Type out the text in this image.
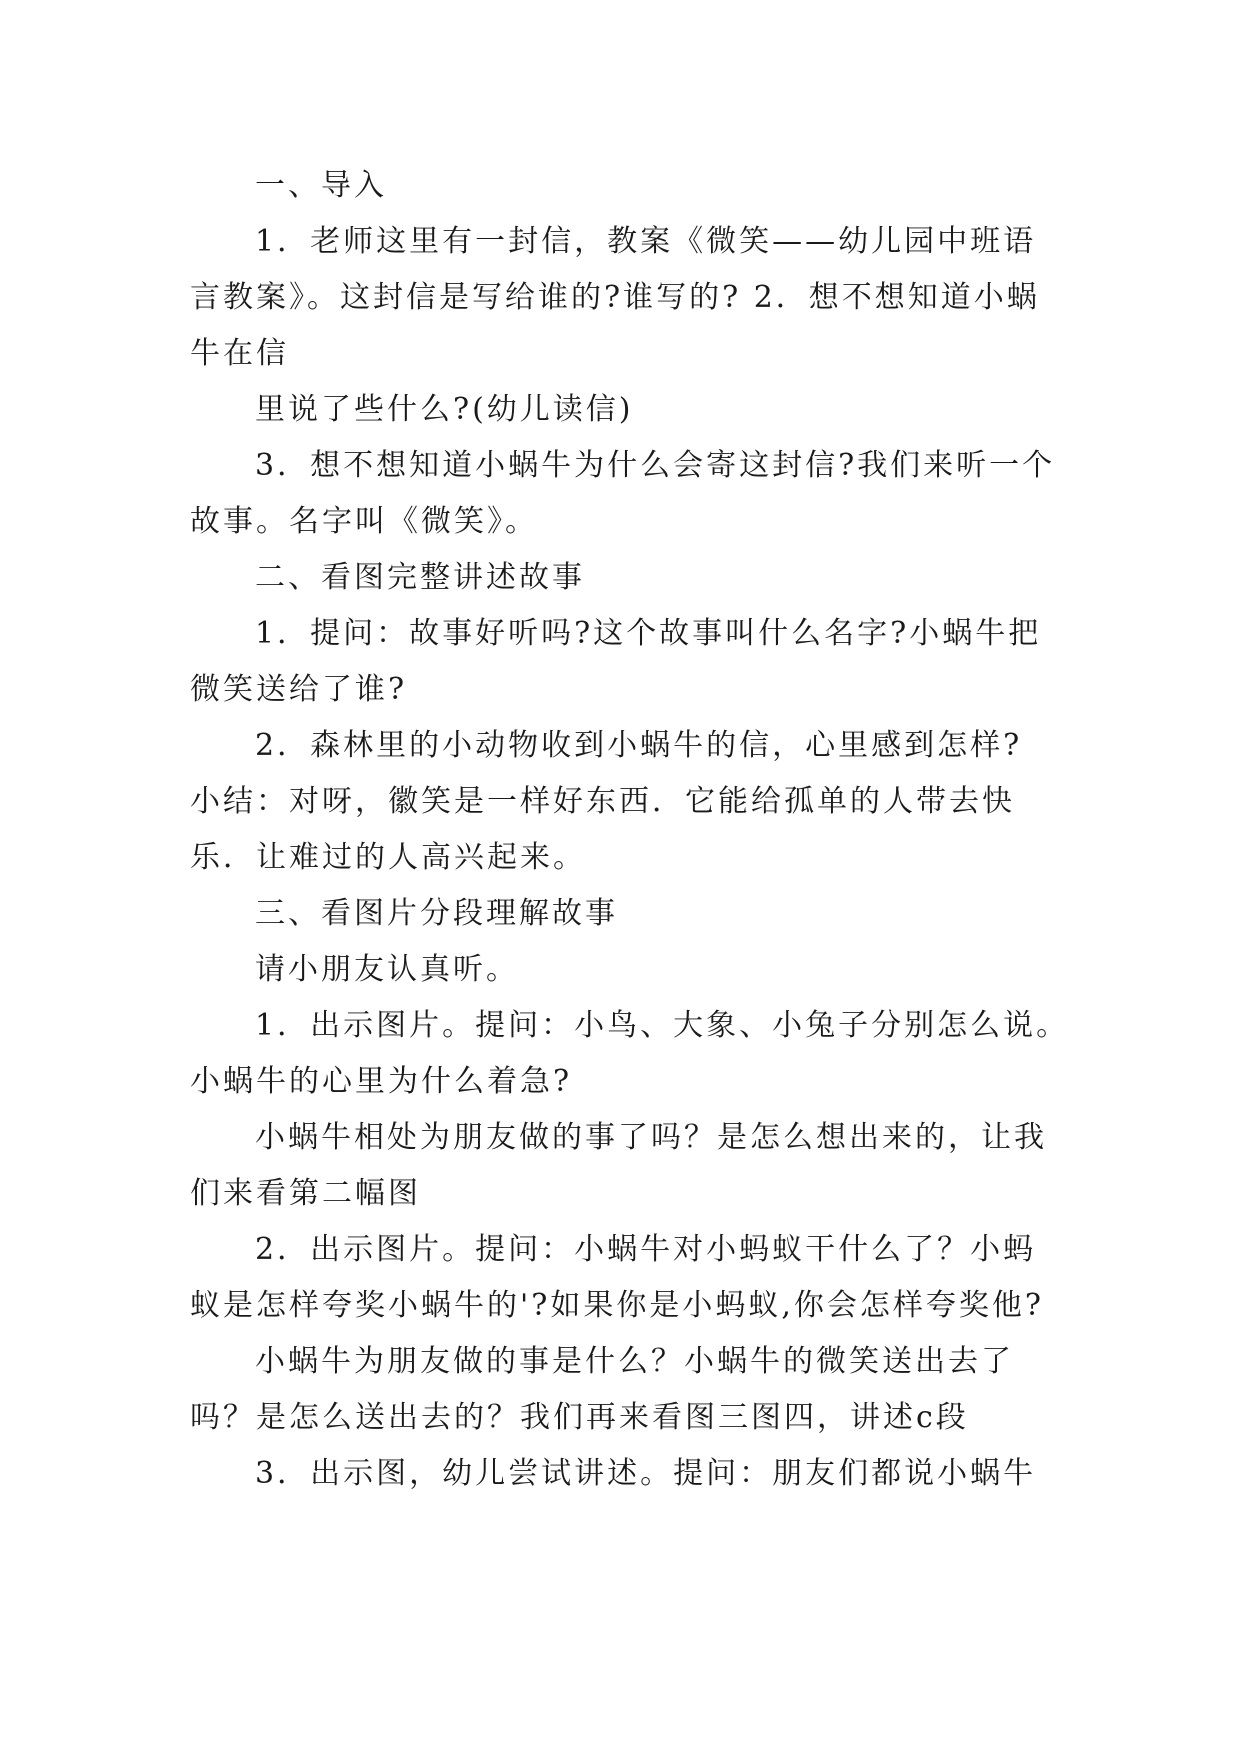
一、导入
1．老师这里有一封信，教案《微笑——幼儿园中班语
言教案》。这封信是写给谁的?谁写的? 2．想不想知道小蜗
牛在信
里说了些什么?(幼儿读信)
3．想不想知道小蜗牛为什么会寄这封信?我们来听一个
故事。名字叫《微笑》。
二、看图完整讲述故事
1．提问：故事好听吗?这个故事叫什么名字?小蜗牛把
微笑送给了谁?
2．森林里的小动物收到小蜗牛的信，心里感到怎样?
小结：对呀，徽笑是一样好东西．它能给孤单的人带去快
乐．让难过的人高兴起来。
三、看图片分段理解故事
请小朋友认真听。
1．出示图片。提问：小鸟、大象、小兔子分别怎么说。
小蜗牛的心里为什么着急?
小蜗牛相处为朋友做的事了吗？是怎么想出来的，让我
们来看第二幅图
2．出示图片。提问：小蜗牛对小蚂蚁干什么了？小蚂
蚁是怎样夸奖小蜗牛的'?如果你是小蚂蚁,你会怎样夸奖他?
小蜗牛为朋友做的事是什么？小蜗牛的微笑送出去了
吗？是怎么送出去的？我们再来看图三图四，讲述c段
3．出示图，幼儿尝试讲述。提问：朋友们都说小蜗牛
